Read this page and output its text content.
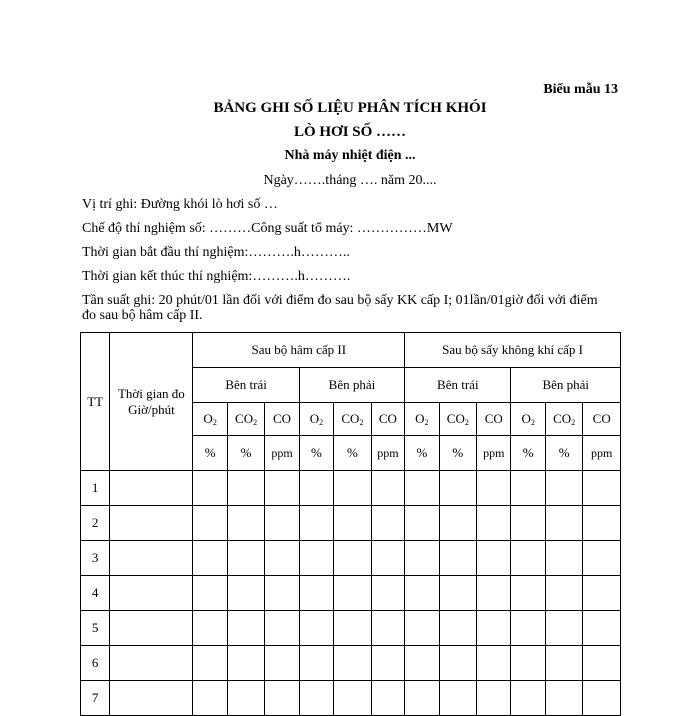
Biểu mẫu 13
BẢNG GHI SỐ LIỆU PHÂN TÍCH KHÓI
LÒ HƠI SỐ ……
Nhà máy nhiệt điện ...
Ngày…….tháng …. năm 20....
Vị trí ghi: Đường khói lò hơi số …
Chế độ thí nghiệm số: ………Công suất tổ máy: ……………MW
Thời gian bắt đầu thí nghiệm:……….h………..
Thời gian kết thúc thí nghiệm:……….h……….
Tần suất ghi: 20 phút/01 lần đối với điểm đo sau bộ sấy KK cấp I; 01lần/01giờ đối với điểm đo sau bộ hâm cấp II.
TT	Thời gian đo Giờ/phút	Sau bộ hâm cấp II						Sau bộ sấy không khí cấp I					
		Bên trái			Bên phải			Bên trái			Bên phải		
		$O_2$	$CO_2$	CO	$O_2$	$CO_2$	CO	$O_2$	$CO_2$	CO	$O_2$	$CO_2$	CO
		%	%	ppm	%	%	ppm	%	%	ppm	%	%	ppm
1													
2													
3													
4													
5													
6													
7													
